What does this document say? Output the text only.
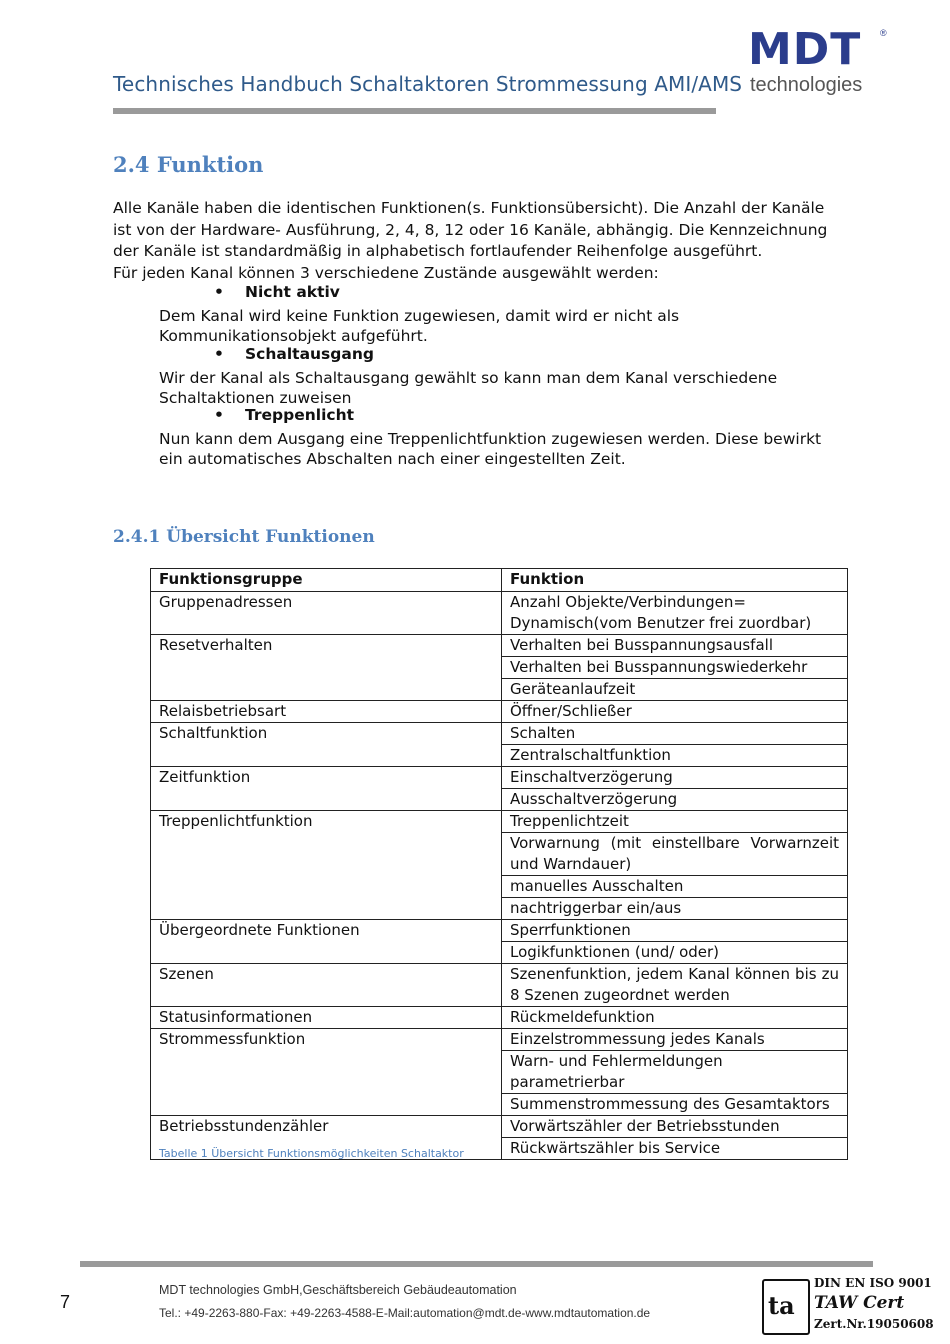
Technisches Handbuch Schaltaktoren Strommessung AMI/AMS
MDT ®
technologies
2.4 Funktion

Alle Kanäle haben die identischen Funktionen(s. Funktionsübersicht). Die Anzahl der Kanäle ist von der Hardware- Ausführung, 2, 4, 8, 12 oder 16 Kanäle, abhängig. Die Kennzeichnung der Kanäle ist standardmäßig in alphabetisch fortlaufender Reihenfolge ausgeführt.

Für jeden Kanal können 3 verschiedene Zustände ausgewählt werden:

• Nicht aktiv
Dem Kanal wird keine Funktion zugewiesen, damit wird er nicht als Kommunikationsobjekt aufgeführt.
• Schaltausgang
Wir der Kanal als Schaltausgang gewählt so kann man dem Kanal verschiedene Schaltaktionen zuweisen
• Treppenlicht
Nun kann dem Ausgang eine Treppenlichtfunktion zugewiesen werden. Diese bewirkt ein automatisches Abschalten nach einer eingestellten Zeit.
2.4.1 Übersicht Funktionen
Funktionsgruppe	Funktion
Gruppenadressen	Anzahl Objekte/Verbindungen= Dynamisch(vom Benutzer frei zuordbar)
Resetverhalten	Verhalten bei Busspannungsausfall
	Verhalten bei Busspannungswiederkehr
	Geräteanlaufzeit
Relaisbetriebsart	Öffner/Schließer
Schaltfunktion	Schalten
	Zentralschaltfunktion
Zeitfunktion	Einschaltverzögerung
	Ausschaltverzögerung
Treppenlichtfunktion	Treppenlichtzeit
	Vorwarnung (mit einstellbare Vorwarnzeit und Warndauer)
	manuelles Ausschalten
	nachtriggerbar ein/aus
Übergeordnete Funktionen	Sperrfunktionen
	Logikfunktionen (und/ oder)
Szenen	Szenenfunktion, jedem Kanal können bis zu 8 Szenen zugeordnet werden
Statusinformationen	Rückmeldefunktion
Strommessfunktion	Einzelstrommessung jedes Kanals
	Warn- und Fehlermeldungen parametrierbar
	Summenstrommessung des Gesamtaktors
Betriebsstundenzähler	Vorwärtszähler der Betriebsstunden
	Rückwärtszähler bis Service
Tabelle 1 Übersicht Funktionsmöglichkeiten Schaltaktor
7
MDT technologies GmbH,Geschäftsbereich Gebäudeautomation
Tel.: +49-2263-880-Fax: +49-2263-4588-E-Mail:automation@mdt.de-www.mdtautomation.de	ta
DIN EN ISO 9001
TAW Cert
Zert.Nr.19050608
